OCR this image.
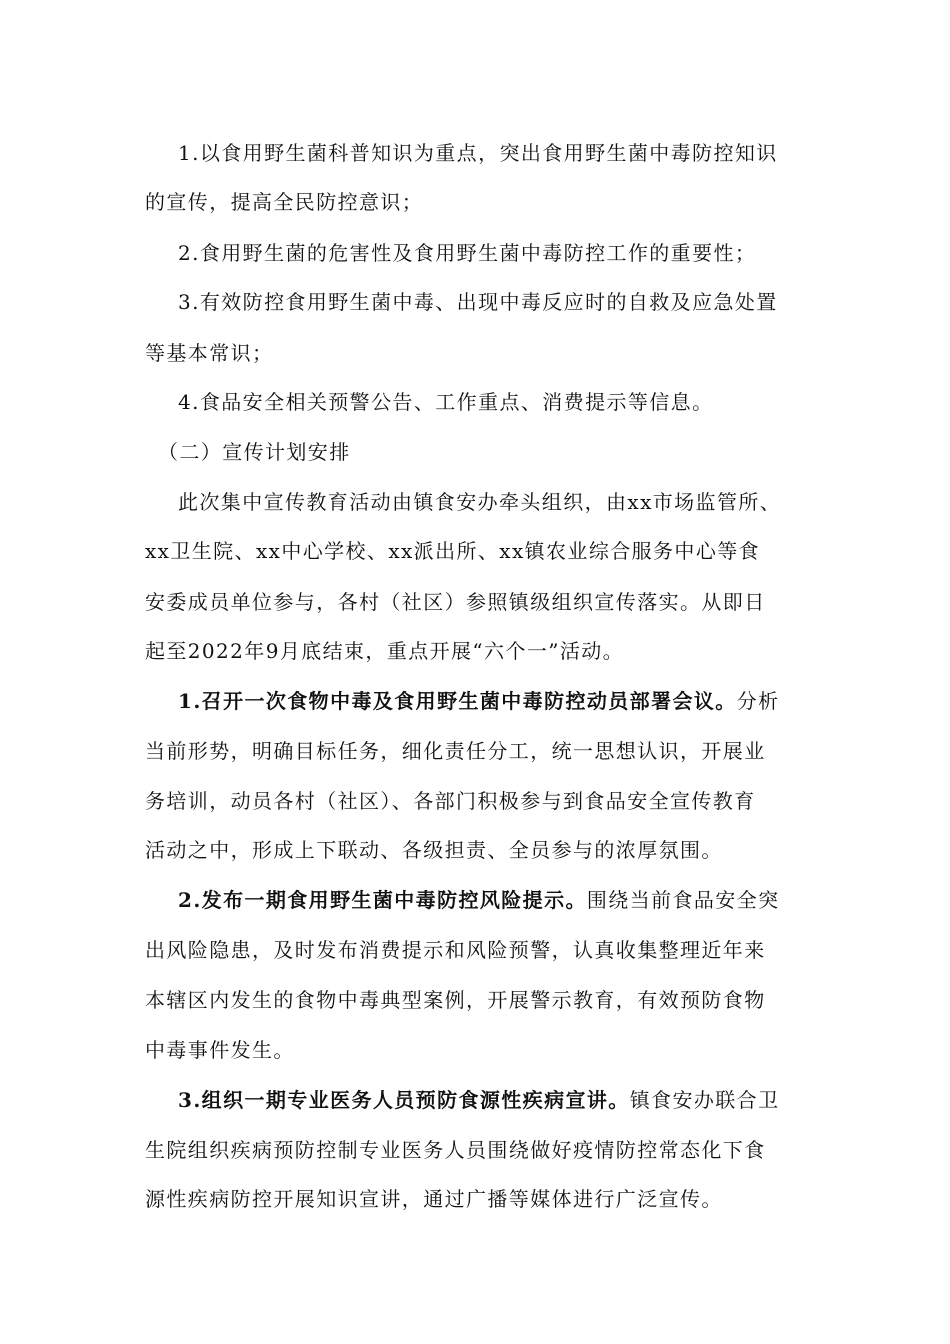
1.以食用野生菌科普知识为重点，突出食用野生菌中毒防控知识
的宣传，提高全民防控意识；
2.食用野生菌的危害性及食用野生菌中毒防控工作的重要性；
3.有效防控食用野生菌中毒、出现中毒反应时的自救及应急处置
等基本常识；
4.食品安全相关预警公告、工作重点、消费提示等信息。
（二）宣传计划安排
此次集中宣传教育活动由镇食安办牵头组织，由xx市场监管所、
xx卫生院、xx中心学校、xx派出所、xx镇农业综合服务中心等食
安委成员单位参与，各村（社区）参照镇级组织宣传落实。从即日
起至2022年9月底结束，重点开展“六个一”活动。
1.召开一次食物中毒及食用野生菌中毒防控动员部署会议。分析
当前形势，明确目标任务，细化责任分工，统一思想认识，开展业
务培训，动员各村（社区）、各部门积极参与到食品安全宣传教育
活动之中，形成上下联动、各级担责、全员参与的浓厚氛围。
2.发布一期食用野生菌中毒防控风险提示。围绕当前食品安全突
出风险隐患，及时发布消费提示和风险预警，认真收集整理近年来
本辖区内发生的食物中毒典型案例，开展警示教育，有效预防食物
中毒事件发生。
3.组织一期专业医务人员预防食源性疾病宣讲。镇食安办联合卫
生院组织疾病预防控制专业医务人员围绕做好疫情防控常态化下食
源性疾病防控开展知识宣讲，通过广播等媒体进行广泛宣传。
